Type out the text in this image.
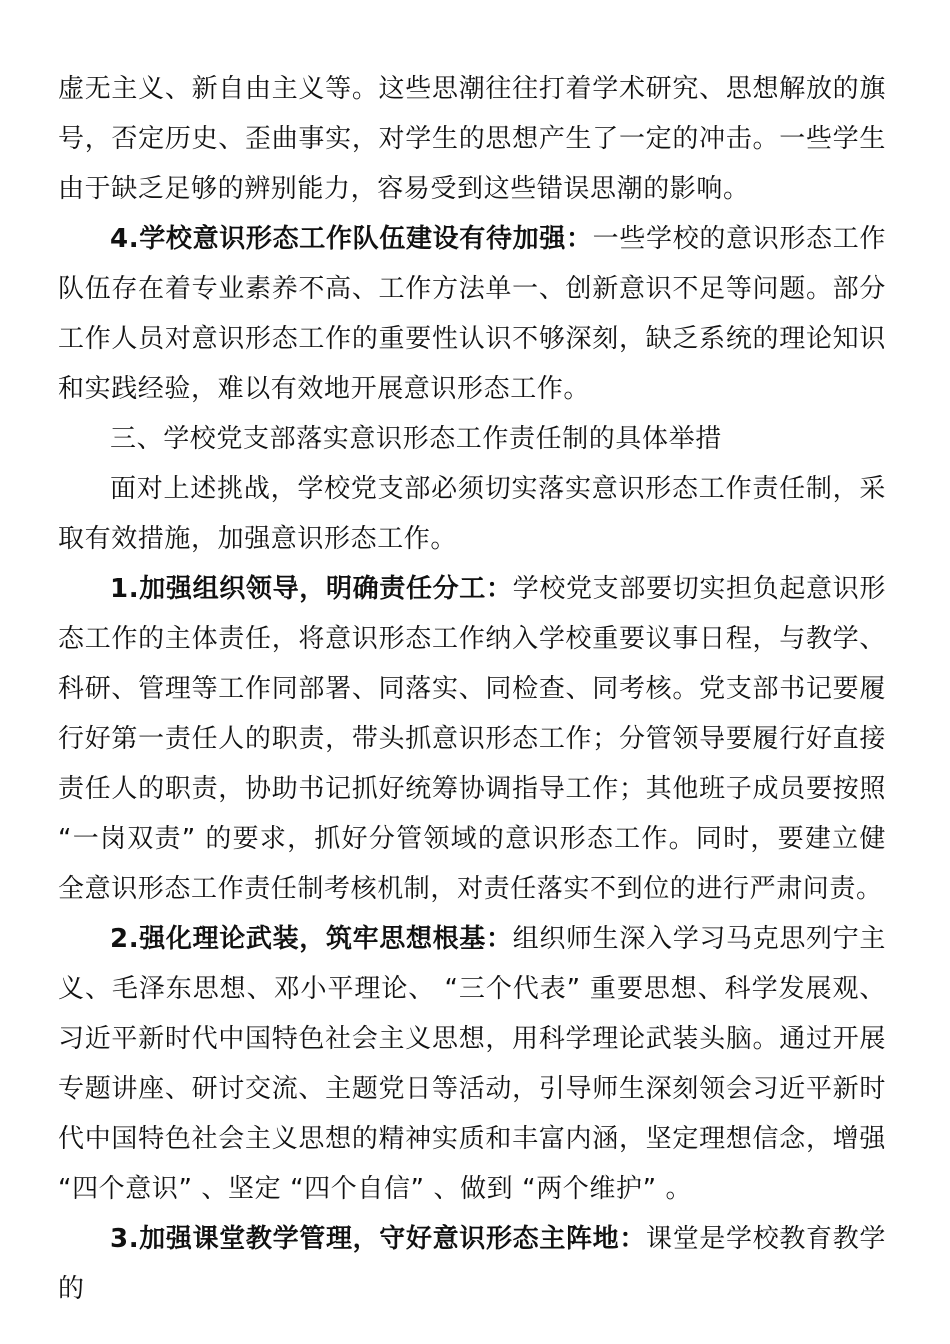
虚无主义、新自由主义等。这些思潮往往打着学术研究、思想解放的旗号，否定历史、歪曲事实，对学生的思想产生了一定的冲击。一些学生由于缺乏足够的辨别能力，容易受到这些错误思潮的影响。

4.学校意识形态工作队伍建设有待加强：一些学校的意识形态工作队伍存在着专业素养不高、工作方法单一、创新意识不足等问题。部分工作人员对意识形态工作的重要性认识不够深刻，缺乏系统的理论知识和实践经验，难以有效地开展意识形态工作。

三、学校党支部落实意识形态工作责任制的具体举措

面对上述挑战，学校党支部必须切实落实意识形态工作责任制，采取有效措施，加强意识形态工作。

1.加强组织领导，明确责任分工：学校党支部要切实担负起意识形态工作的主体责任，将意识形态工作纳入学校重要议事日程，与教学、科研、管理等工作同部署、同落实、同检查、同考核。党支部书记要履行好第一责任人的职责，带头抓意识形态工作；分管领导要履行好直接责任人的职责，协助书记抓好统筹协调指导工作；其他班子成员要按照 “一岗双责” 的要求，抓好分管领域的意识形态工作。同时，要建立健全意识形态工作责任制考核机制，对责任落实不到位的进行严肃问责。

2.强化理论武装，筑牢思想根基：组织师生深入学习马克思列宁主义、毛泽东思想、邓小平理论、 “三个代表” 重要思想、科学发展观、习近平新时代中国特色社会主义思想，用科学理论武装头脑。通过开展专题讲座、研讨交流、主题党日等活动，引导师生深刻领会习近平新时代中国特色社会主义思想的精神实质和丰富内涵，坚定理想信念，增强 “四个意识” 、坚定 “四个自信” 、做到 “两个维护” 。

3.加强课堂教学管理，守好意识形态主阵地：课堂是学校教育教学的
